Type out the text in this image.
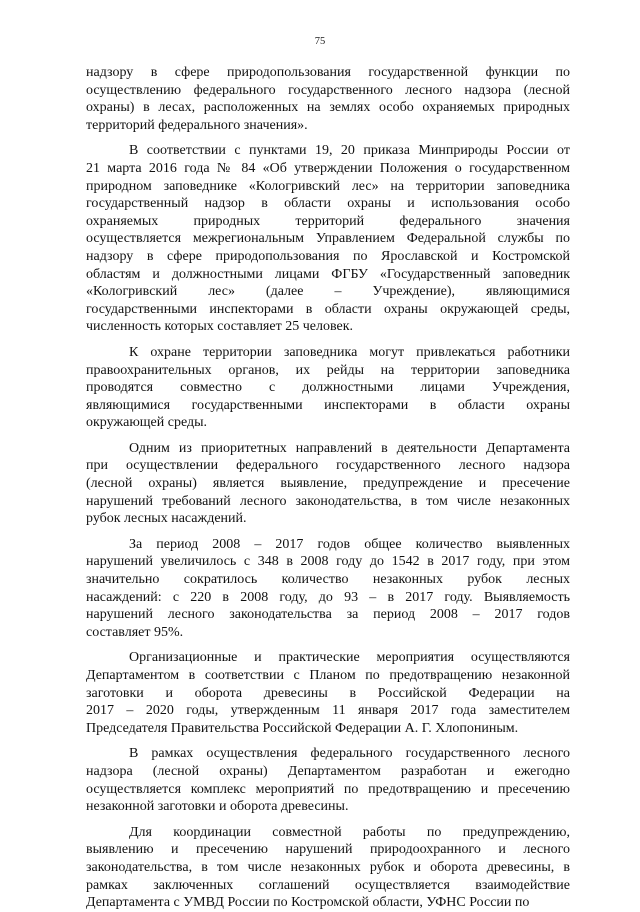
75
надзору в сфере природопользования государственной функции по
осуществлению федерального государственного лесного надзора (лесной
охраны) в лесах, расположенных на землях особо охраняемых природных
территорий федерального значения».
В соответствии с пунктами 19, 20 приказа Минприроды России от
21 марта 2016 года № 84 «Об утверждении Положения о государственном
природном заповеднике «Кологривский лес» на территории заповедника
государственный надзор в области охраны и использования особо
охраняемых природных территорий федерального значения
осуществляется межрегиональным Управлением Федеральной службы по
надзору в сфере природопользования по Ярославской и Костромской
областям и должностными лицами ФГБУ «Государственный заповедник
«Кологривский лес» (далее – Учреждение), являющимися
государственными инспекторами в области охраны окружающей среды,
численность которых составляет 25 человек.
К охране территории заповедника могут привлекаться работники
правоохранительных органов, их рейды на территории заповедника
проводятся совместно с должностными лицами Учреждения,
являющимися государственными инспекторами в области охраны
окружающей среды.
Одним из приоритетных направлений в деятельности Департамента
при осуществлении федерального государственного лесного надзора
(лесной охраны) является выявление, предупреждение и пресечение
нарушений требований лесного законодательства, в том числе незаконных
рубок лесных насаждений.
За период 2008 – 2017 годов общее количество выявленных
нарушений увеличилось с 348 в 2008 году до 1542 в 2017 году, при этом
значительно сократилось количество незаконных рубок лесных
насаждений: с 220 в 2008 году, до 93 – в 2017 году. Выявляемость
нарушений лесного законодательства за период 2008 – 2017 годов
составляет 95%.
Организационные и практические мероприятия осуществляются
Департаментом в соответствии с Планом по предотвращению незаконной
заготовки и оборота древесины в Российской Федерации на
2017 – 2020 годы, утвержденным 11 января 2017 года заместителем
Председателя Правительства Российской Федерации А. Г. Хлопониным.
В рамках осуществления федерального государственного лесного
надзора (лесной охраны) Департаментом разработан и ежегодно
осуществляется комплекс мероприятий по предотвращению и пресечению
незаконной заготовки и оборота древесины.
Для координации совместной работы по предупреждению,
выявлению и пресечению нарушений природоохранного и лесного
законодательства, в том числе незаконных рубок и оборота древесины, в
рамках заключенных соглашений осуществляется взаимодействие
Департамента с УМВД России по Костромской области, УФНС России по
